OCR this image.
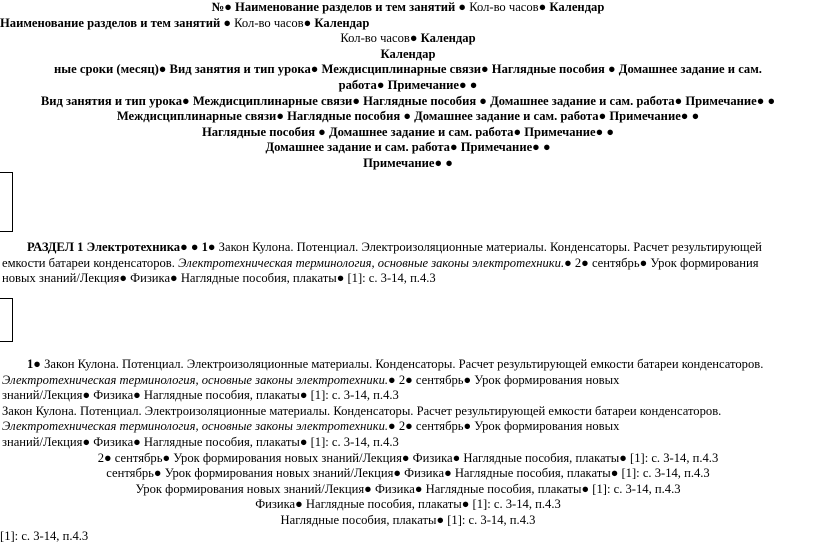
№● Наименование разделов и тем занятий ● Кол-во часов● Календар
Наименование разделов и тем занятий ● Кол-во часов● Календар
Кол-во часов● Календар
Календар
ные сроки (месяц)● Вид занятия и тип урока● Междисциплинарные связи● Наглядные пособия ● Домашнее задание и сам.
работа● Примечание● ●
Вид занятия и тип урока● Междисциплинарные связи● Наглядные пособия ● Домашнее задание и сам. работа● Примечание● ●
Междисциплинарные связи● Наглядные пособия ● Домашнее задание и сам. работа● Примечание● ●
Наглядные пособия ● Домашнее задание и сам. работа● Примечание● ●
Домашнее задание и сам. работа● Примечание● ●
Примечание● ●
РАЗДЕЛ 1 Электротехника● ● 1● Закон Кулона. Потенциал. Электроизоляционные материалы. Конденсаторы. Расчет результирующей
емкости батареи конденсаторов. Электротехническая терминология, основные законы электротехники.● 2● сентябрь● Урок формирования
новых знаний/Лекция● Физика● Наглядные пособия, плакаты● [1]: с. 3-14, п.4.3
1● Закон Кулона. Потенциал. Электроизоляционные материалы. Конденсаторы. Расчет результирующей емкости батареи конденсаторов.
Электротехническая терминология, основные законы электротехники.● 2● сентябрь● Урок формирования новых
знаний/Лекция● Физика● Наглядные пособия, плакаты● [1]: с. 3-14, п.4.3
Закон Кулона. Потенциал. Электроизоляционные материалы. Конденсаторы. Расчет результирующей емкости батареи конденсаторов.
Электротехническая терминология, основные законы электротехники.● 2● сентябрь● Урок формирования новых
знаний/Лекция● Физика● Наглядные пособия, плакаты● [1]: с. 3-14, п.4.3
2● сентябрь● Урок формирования новых знаний/Лекция● Физика● Наглядные пособия, плакаты● [1]: с. 3-14, п.4.3
сентябрь● Урок формирования новых знаний/Лекция● Физика● Наглядные пособия, плакаты● [1]: с. 3-14, п.4.3
Урок формирования новых знаний/Лекция● Физика● Наглядные пособия, плакаты● [1]: с. 3-14, п.4.3
Физика● Наглядные пособия, плакаты● [1]: с. 3-14, п.4.3
Наглядные пособия, плакаты● [1]: с. 3-14, п.4.3
[1]: с. 3-14, п.4.3
